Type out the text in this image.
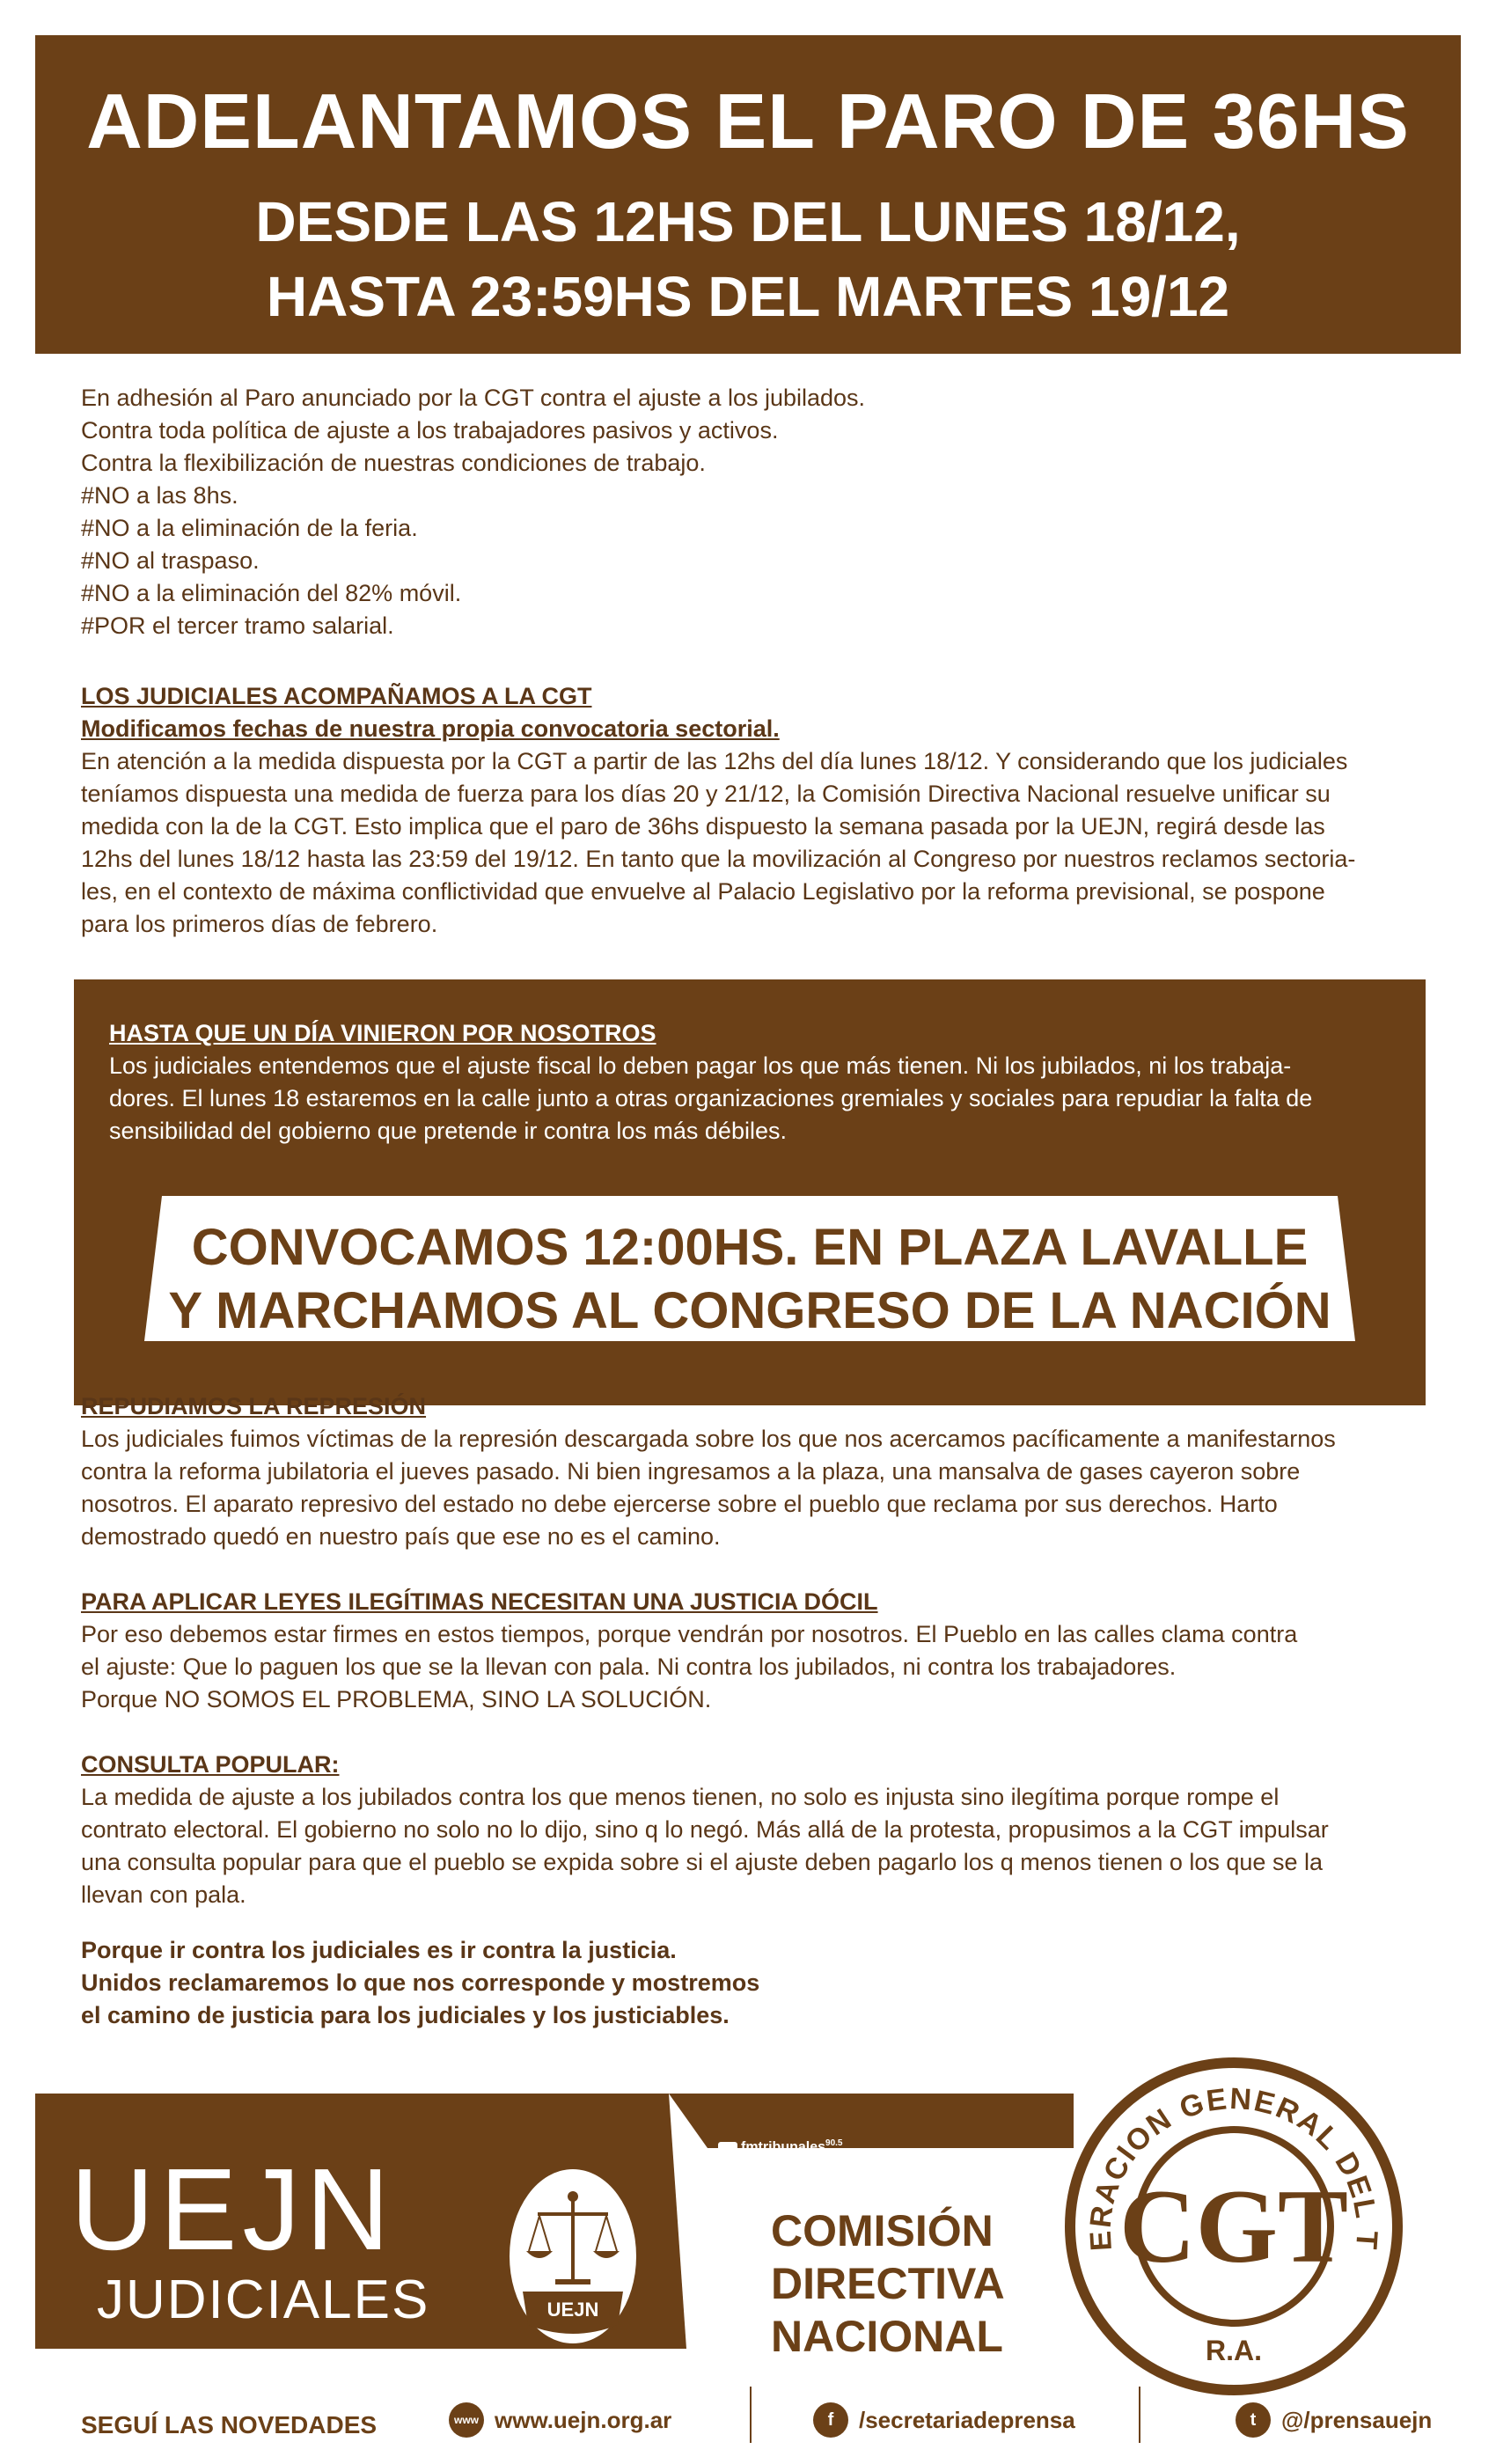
ADELANTAMOS EL PARO DE 36HS
DESDE LAS 12HS DEL LUNES 18/12,
HASTA 23:59HS DEL MARTES 19/12
En adhesión al Paro anunciado por la CGT contra el ajuste a los jubilados.
Contra toda política de ajuste a los trabajadores pasivos y activos.
Contra la flexibilización de nuestras condiciones de trabajo.
#NO a las 8hs.
#NO a la eliminación de la feria.
#NO al traspaso.
#NO a la eliminación del 82% móvil.
#POR el tercer tramo salarial.
LOS JUDICIALES ACOMPAÑAMOS A LA CGT
Modificamos fechas de nuestra propia convocatoria sectorial.
En atención a la medida dispuesta por la CGT a partir de las 12hs del día lunes 18/12. Y considerando que los judiciales
teníamos dispuesta una medida de fuerza para los días 20 y 21/12, la Comisión Directiva Nacional resuelve unificar su
medida con la de la CGT. Esto implica que el paro de 36hs dispuesto la semana pasada por la UEJN, regirá desde las
12hs del lunes 18/12 hasta las 23:59 del 19/12. En tanto que la movilización al Congreso por nuestros reclamos sectoria-
les, en el contexto de máxima conflictividad que envuelve al Palacio Legislativo por la reforma previsional, se pospone
para los primeros días de febrero.
HASTA QUE UN DÍA VINIERON POR NOSOTROS
Los judiciales entendemos que el ajuste fiscal lo deben pagar los que más tienen. Ni los jubilados, ni los trabaja-
dores. El lunes 18 estaremos en la calle junto a otras organizaciones gremiales y sociales para repudiar la falta de
sensibilidad del gobierno que pretende ir contra los más débiles.
CONVOCAMOS 12:00HS. EN PLAZA LAVALLE
Y MARCHAMOS AL CONGRESO DE LA NACIÓN
REPUDIAMOS LA REPRESIÓN
Los judiciales fuimos víctimas de la represión descargada sobre los que nos acercamos pacíficamente a manifestarnos
contra la reforma jubilatoria el jueves pasado. Ni bien ingresamos a la plaza, una mansalva de gases cayeron sobre
nosotros. El aparato represivo del estado no debe ejercerse sobre el pueblo que reclama por sus derechos. Harto
demostrado quedó en nuestro país que ese no es el camino.
PARA APLICAR LEYES ILEGÍTIMAS NECESITAN UNA JUSTICIA DÓCIL
Por eso debemos estar firmes en estos tiempos, porque vendrán por nosotros. El Pueblo en las calles clama contra
el ajuste: Que lo paguen los que se la llevan con pala. Ni contra los jubilados, ni contra los trabajadores.
Porque NO SOMOS EL PROBLEMA, SINO LA SOLUCIÓN.
CONSULTA POPULAR:
La medida de ajuste a los jubilados contra los que menos tienen, no solo es injusta sino ilegítima porque rompe el
contrato electoral. El gobierno no solo no lo dijo, sino q lo negó. Más allá de la protesta, propusimos a la CGT impulsar
una consulta popular para que el pueblo se expida sobre si el ajuste deben pagarlo los q menos tienen o los que se la
llevan con pala.
Porque ir contra los judiciales es ir contra la justicia.
Unidos reclamaremos lo que nos corresponde y mostremos
el camino de justicia para los judiciales y los justiciables.
UEJN
JUDICIALES	UEJN
fmtribunales$^{90.5}$
www.fmtribunales.com
COMISIÓN
DIRECTIVA
NACIONAL
ERACION GENERAL DEL T
CGT
R.A.
SEGUÍ LAS NOVEDADES	www www.uejn.org.ar	f	/secretariadeprensa	t	@/prensauejn
